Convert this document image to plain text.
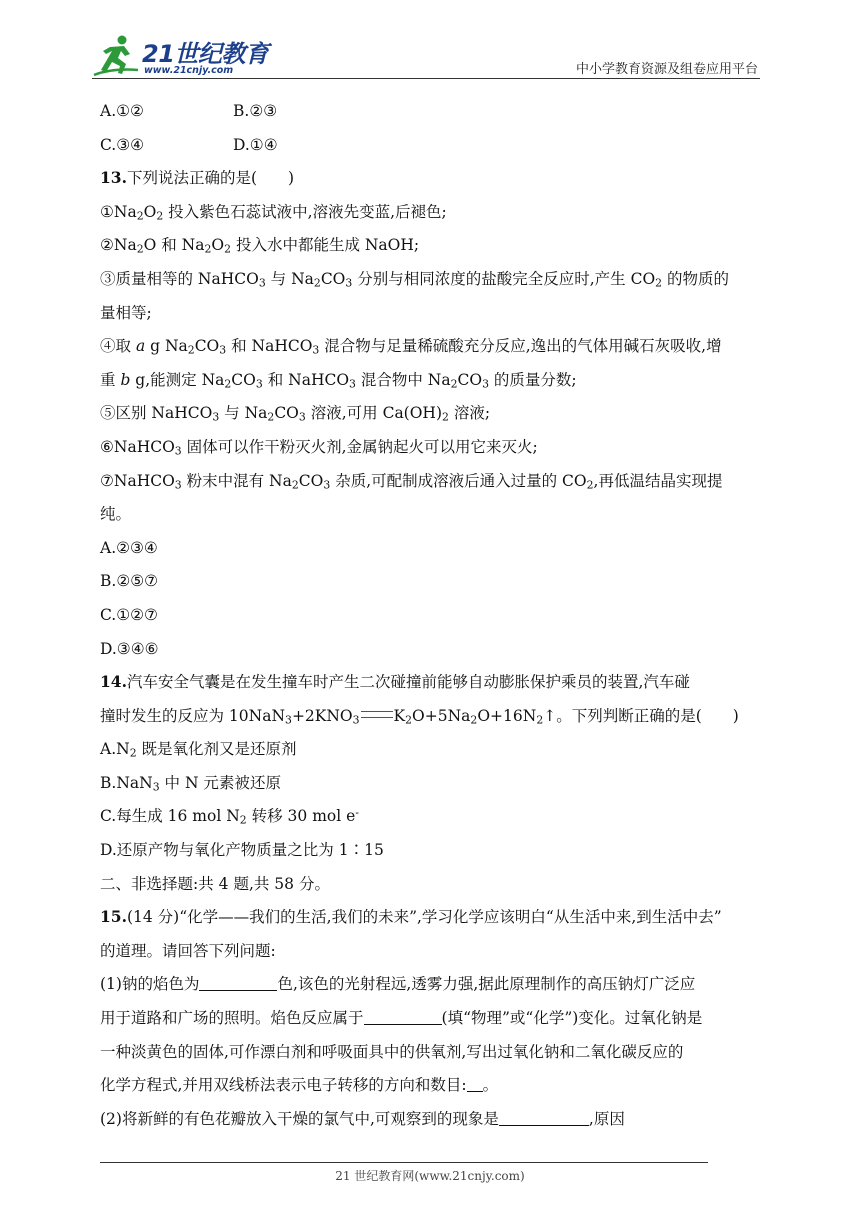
21世纪教育
www.21cnjy.com	中小学教育资源及组卷应用平台
A.①②	B.②③
C.③④	D.①④
13.下列说法正确的是(　　)
$①Na_2O_2$ 投入紫色石蕊试液中,溶液先变蓝,后褪色;
$②Na_2O$ 和 $Na_2O_2$ 投入水中都能生成 NaOH;
③质量相等的 NaHCO$_3$ 与 $Na_2CO_3$ 分别与相同浓度的盐酸完全反应时,产生 $CO_2$ 的物质的
量相等;
④取 a g $Na_2CO_3$ 和 NaHCO$_3$ 混合物与足量稀硫酸充分反应,逸出的气体用碱石灰吸收,增
重 b g,能测定 $Na_2CO_3$ 和 NaHCO$_3$ 混合物中 $Na_2CO_3$ 的质量分数;
⑤区别 NaHCO$_3$ 与 $Na_2CO_3$ 溶液,可用 $Ca(OH)_2$ 溶液;
⑥NaHCO$_3$ 固体可以作干粉灭火剂,金属钠起火可以用它来灭火;
⑦NaHCO$_3$ 粉末中混有 $Na_2CO_3$ 杂质,可配制成溶液后通入过量的 $CO_2$,再低温结晶实现提
纯。
A.②③④
B.②⑤⑦
C.①②⑦
D.③④⑥
14.汽车安全气囊是在发生撞车时产生二次碰撞前能够自动膨胀保护乘员的装置,汽车碰
撞时发生的反应为 $10NaN_3+2KNO_3$ $K_2O+5Na_2O+16N_2↑$。下列判断正确的是(　　)
$A.N_2$ 既是氧化剂又是还原剂
B.NaN$_3$ 中 N 元素被还原
C.每生成 16 mol $N_2$ 转移 30 mol e-
D.还原产物与氧化产物质量之比为 1∶15
二、非选择题:共 4 题,共 58 分。
15.(14 分)“化学——我们的生活,我们的未来”,学习化学应该明白“从生活中来,到生活中去”
的道理。请回答下列问题:
(1)钠的焰色为	色,该色的光射程远,透雾力强,据此原理制作的高压钠灯广泛应
用于道路和广场的照明。焰色反应属于	(填“物理”或“化学”)变化。过氧化钠是
一种淡黄色的固体,可作漂白剂和呼吸面具中的供氧剂,写出过氧化钠和二氧化碳反应的
化学方程式,并用双线桥法表示电子转移的方向和数目: 。
(2)将新鲜的有色花瓣放入干燥的氯气中,可观察到的现象是	,原因
21 世纪教育网(www.21cnjy.com)
